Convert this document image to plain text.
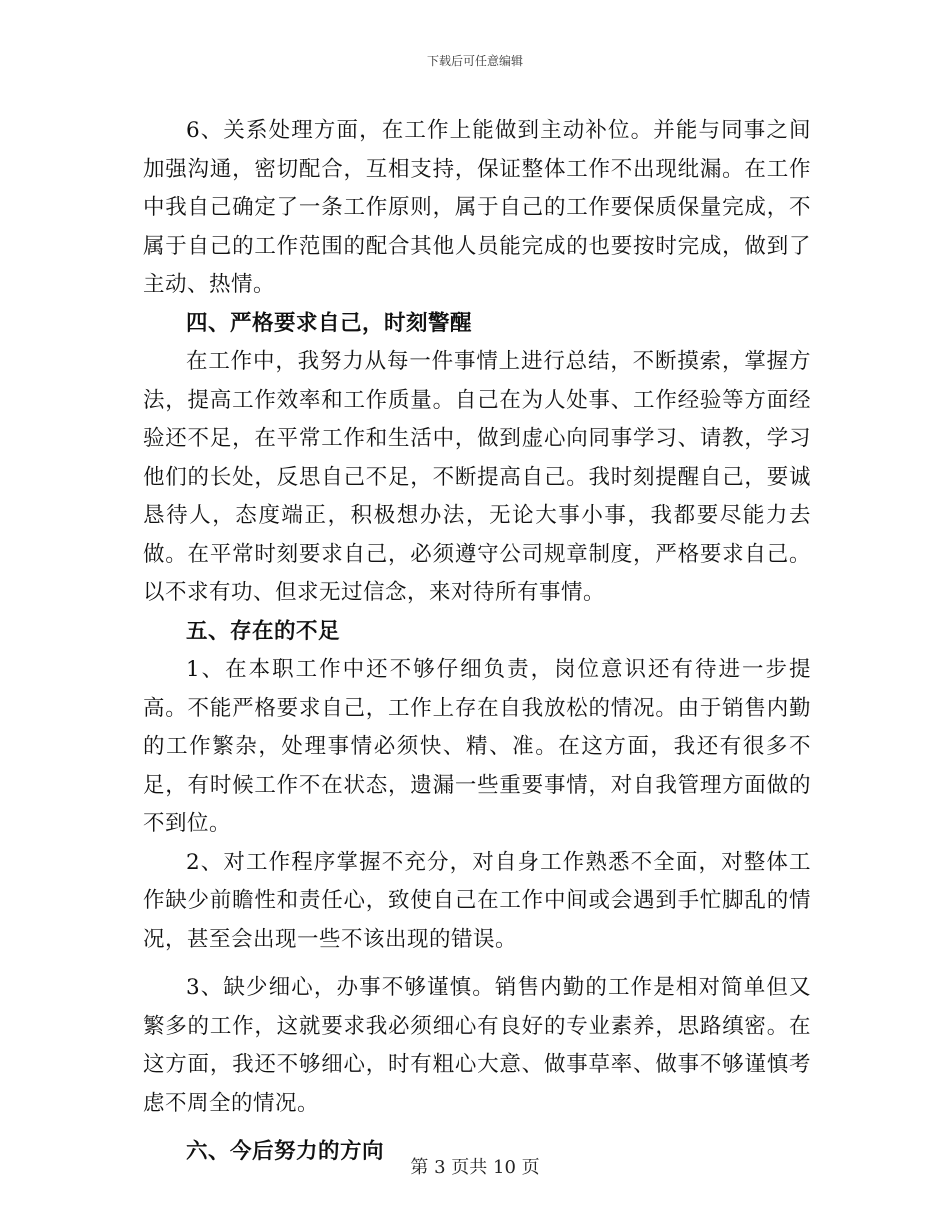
下载后可任意编辑

6、关系处理方面，在工作上能做到主动补位。并能与同事之间加强沟通，密切配合，互相支持，保证整体工作不出现纰漏。在工作中我自己确定了一条工作原则，属于自己的工作要保质保量完成，不属于自己的工作范围的配合其他人员能完成的也要按时完成，做到了主动、热情。

四、严格要求自己，时刻警醒

在工作中，我努力从每一件事情上进行总结，不断摸索，掌握方法，提高工作效率和工作质量。自己在为人处事、工作经验等方面经验还不足，在平常工作和生活中，做到虚心向同事学习、请教，学习他们的长处，反思自己不足，不断提高自己。我时刻提醒自己，要诚恳待人，态度端正，积极想办法，无论大事小事，我都要尽能力去做。在平常时刻要求自己，必须遵守公司规章制度，严格要求自己。以不求有功、但求无过信念，来对待所有事情。

五、存在的不足

1、在本职工作中还不够仔细负责，岗位意识还有待进一步提高。不能严格要求自己，工作上存在自我放松的情况。由于销售内勤的工作繁杂，处理事情必须快、精、准。在这方面，我还有很多不足，有时候工作不在状态，遗漏一些重要事情，对自我管理方面做的不到位。

2、对工作程序掌握不充分，对自身工作熟悉不全面，对整体工作缺少前瞻性和责任心，致使自己在工作中间或会遇到手忙脚乱的情况，甚至会出现一些不该出现的错误。

3、缺少细心，办事不够谨慎。销售内勤的工作是相对简单但又繁多的工作，这就要求我必须细心有良好的专业素养，思路缜密。在这方面，我还不够细心，时有粗心大意、做事草率、做事不够谨慎考虑不周全的情况。

六、今后努力的方向

第 3 页共 10 页
